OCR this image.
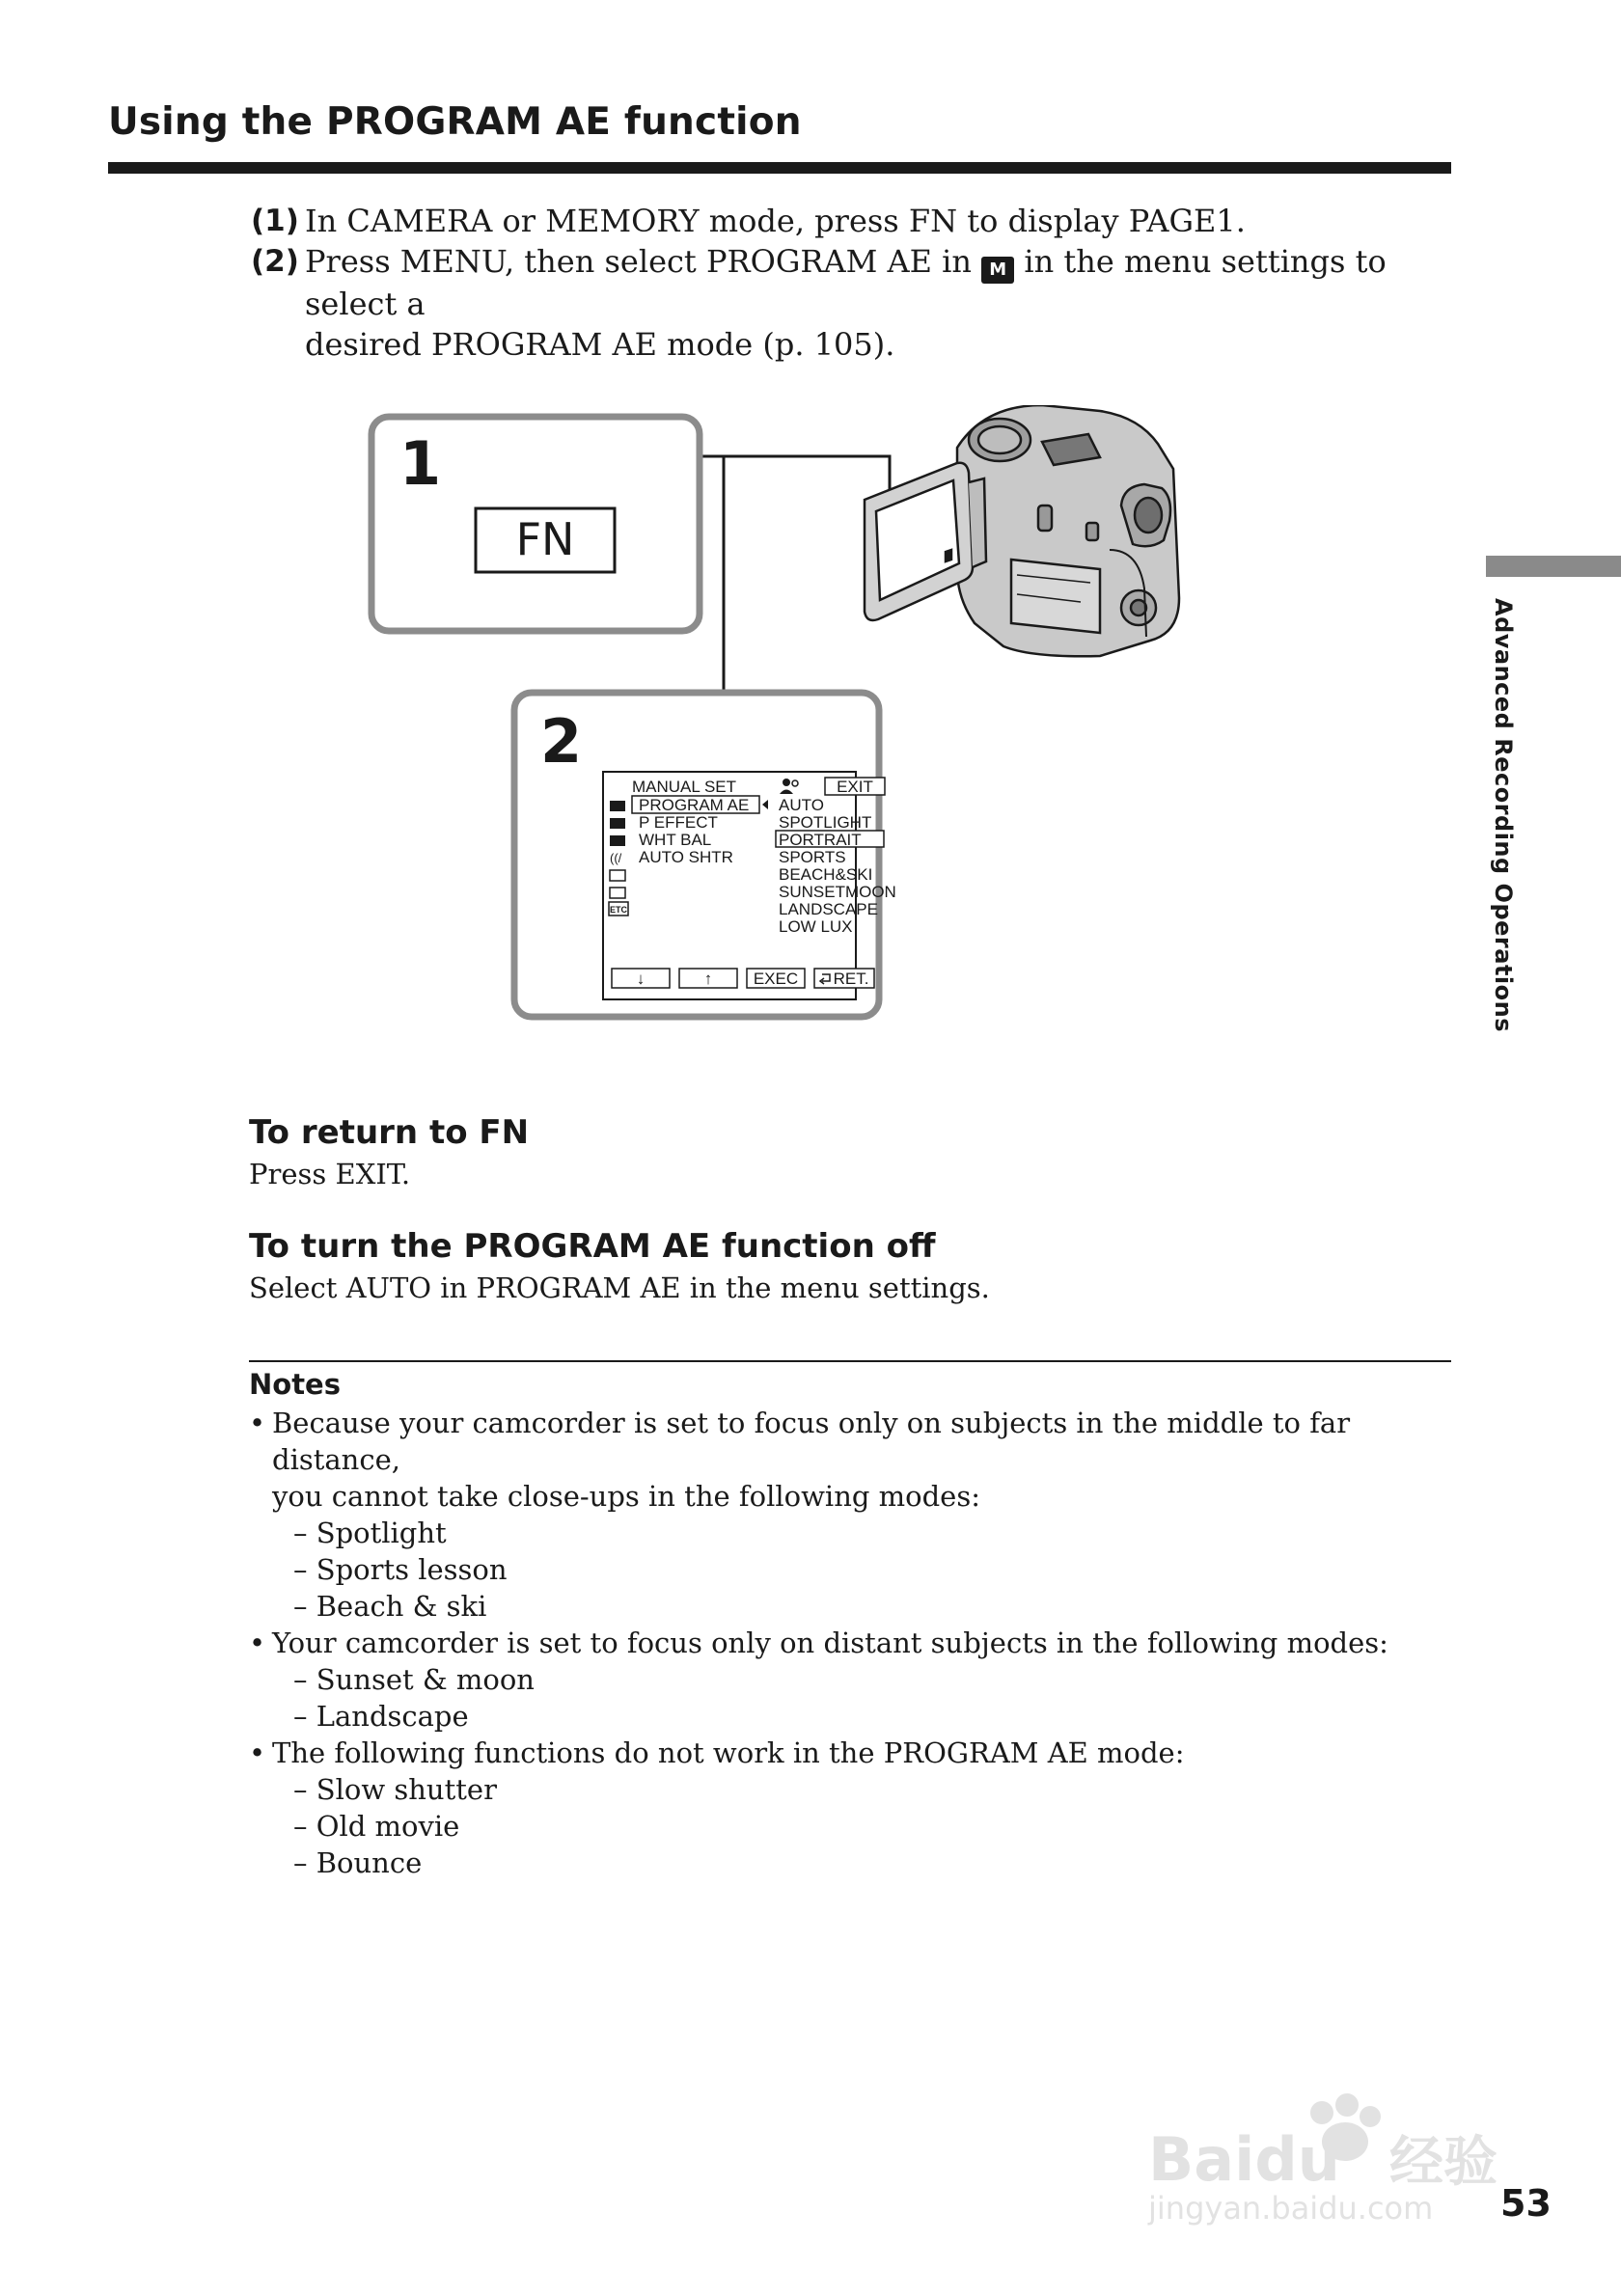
Using the PROGRAM AE function
(1) In CAMERA or MEMORY mode, press FN to display PAGE1.
(2) Press MENU, then select PROGRAM AE in M in the menu settings to select a
desired PROGRAM AE mode (p. 105).
Advanced Recording Operations
1
FN
2
MANUAL SET	EXIT
((/
ETC
PROGRAM AE
P EFFECT
WHT BAL
AUTO SHTR
AUTO
SPOTLIGHT
PORTRAIT
SPORTS
BEACH&SKI
SUNSETMOON
LANDSCAPE
LOW LUX
↓	↑	EXEC RET.
To return to FN
Press EXIT.
To turn the PROGRAM AE function off
Select AUTO in PROGRAM AE in the menu settings.
Notes
• Because your camcorder is set to focus only on subjects in the middle to far distance,
you cannot take close-ups in the following modes:
– Spotlight
– Sports lesson
– Beach & ski
• Your camcorder is set to focus only on distant subjects in the following modes:
– Sunset & moon
– Landscape
• The following functions do not work in the PROGRAM AE mode:
– Slow shutter
– Old movie
– Bounce
Baidu 经验
jingyan.baidu.com 53
